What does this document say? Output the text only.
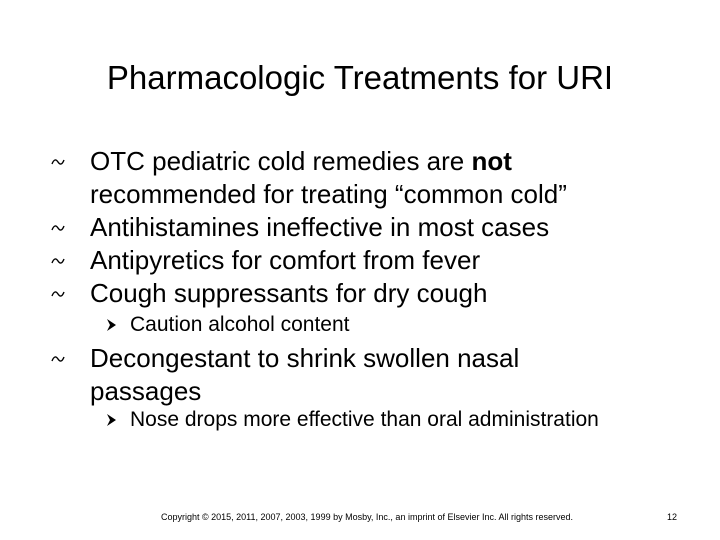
Pharmacologic Treatments for URI
OTC pediatric cold remedies are not
recommended for treating “common cold”
Antihistamines ineffective in most cases
Antipyretics for comfort from fever
Cough suppressants for dry cough
Caution alcohol content
Decongestant to shrink swollen nasal
passages
Nose drops more effective than oral administration
Copyright © 2015, 2011, 2007, 2003, 1999 by Mosby, Inc., an imprint of Elsevier Inc. All rights reserved.	12
